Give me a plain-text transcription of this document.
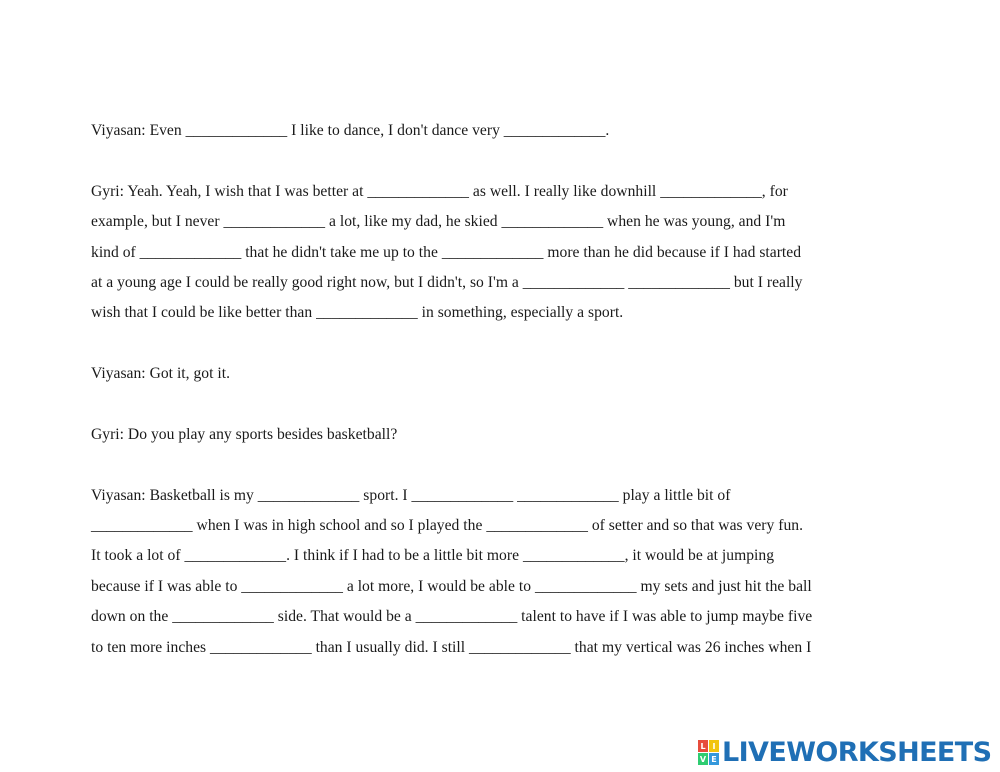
Viyasan: Even _____________ I like to dance, I don't dance very _____________.
Gyri: Yeah. Yeah, I wish that I was better at _____________ as well. I really like downhill _____________, for
example, but I never _____________ a lot, like my dad, he skied _____________ when he was young, and I'm
kind of _____________ that he didn't take me up to the _____________ more than he did because if I had started
at a young age I could be really good right now, but I didn't, so I'm a _____________ _____________ but I really
wish that I could be like better than _____________ in something, especially a sport.
Viyasan: Got it, got it.
Gyri: Do you play any sports besides basketball?
Viyasan: Basketball is my _____________ sport. I _____________ _____________ play a little bit of
_____________ when I was in high school and so I played the _____________ of setter and so that was very fun.
It took a lot of _____________. I think if I had to be a little bit more _____________, it would be at jumping
because if I was able to _____________ a lot more, I would be able to _____________ my sets and just hit the ball
down on the _____________ side. That would be a _____________ talent to have if I was able to jump maybe five
to ten more inches _____________ than I usually did. I still _____________ that my vertical was 26 inches when I
L I
V E LIVEWORKSHEETS
